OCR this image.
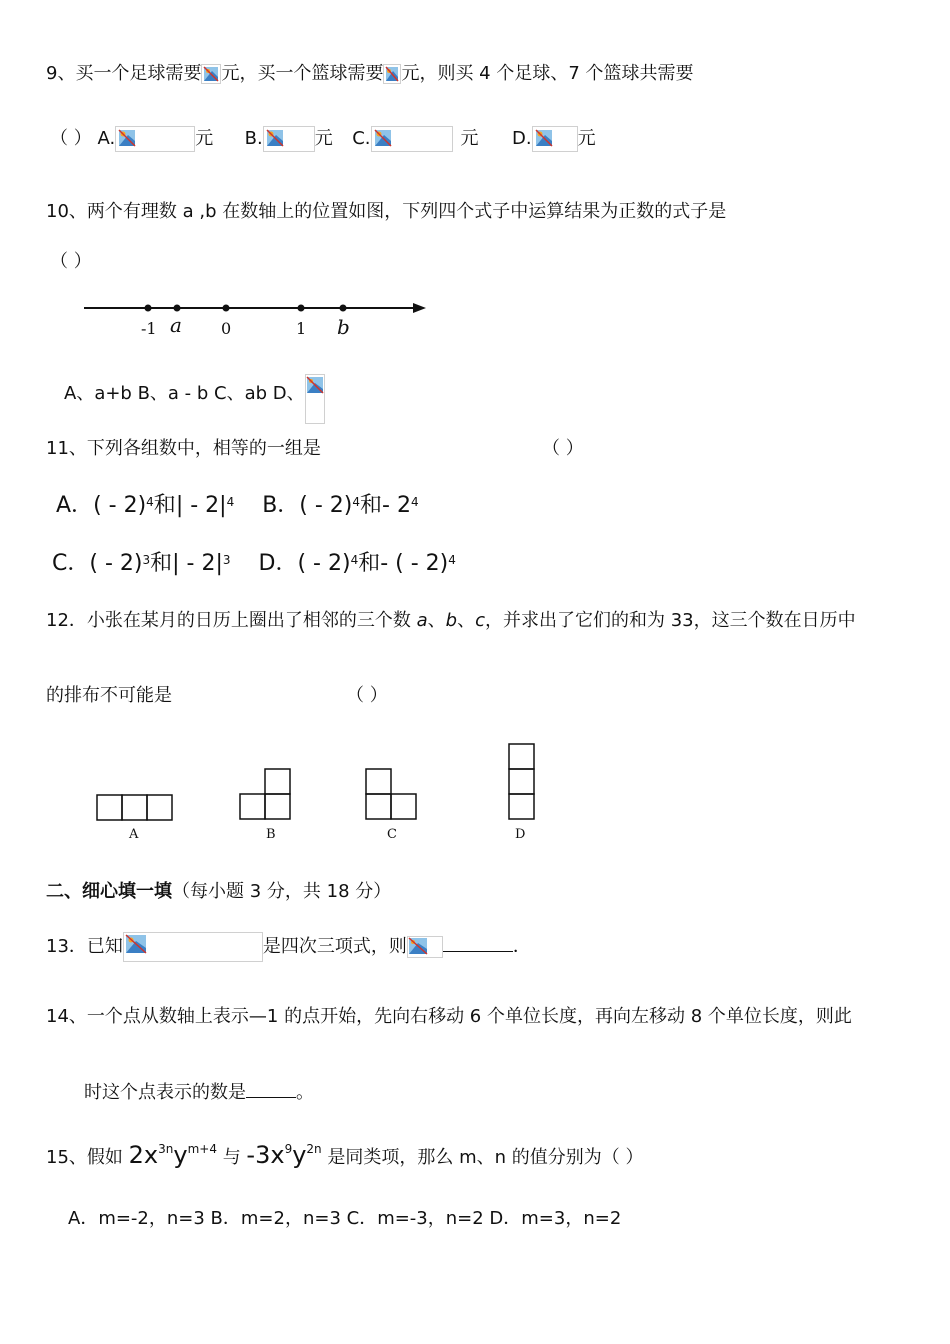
9、买一个足球需要 元，买一个篮球需要 元，则买 4 个足球、7 个篮球共需要
（ ） A.	元 B.	元 C.	元 D.	元
10、两个有理数 a ,b 在数轴上的位置如图，下列四个式子中运算结果为正数的式子是
（ ）
-1 a 0	1 b
A、a+b B、a - b C、ab D、
11、下列各组数中，相等的一组是	（ ）
A．( - 2)$^4$和| - $2|^4$ B．( - 2)$^4$和- $2^4$
C．( - 2)$^3$和| - $2|^3$ D．( - 2)$^4$和- ( - 2)$^4$
12．小张在某月的日历上圈出了相邻的三个数 a、b、c，并求出了它们的和为 33，这三个数在日历中
的排布不可能是	（ ）
A	B	C	D
二、细心填一填（每小题 3 分，共 18 分）
13．已知	是四次三项式，则	．
14、一个点从数轴上表示—1 的点开始，先向右移动 6 个单位长度，再向左移动 8 个单位长度，则此
时这个点表示的数是	。
15、假如 $2x^{3n}y^{m+4}$ 与 $-3x^9y^{2n}$ 是同类项，那么 m、n 的值分别为（ ）
A．m=-2，n=3 B．m=2，n=3 C．m=-3，n=2 D．m=3，n=2
